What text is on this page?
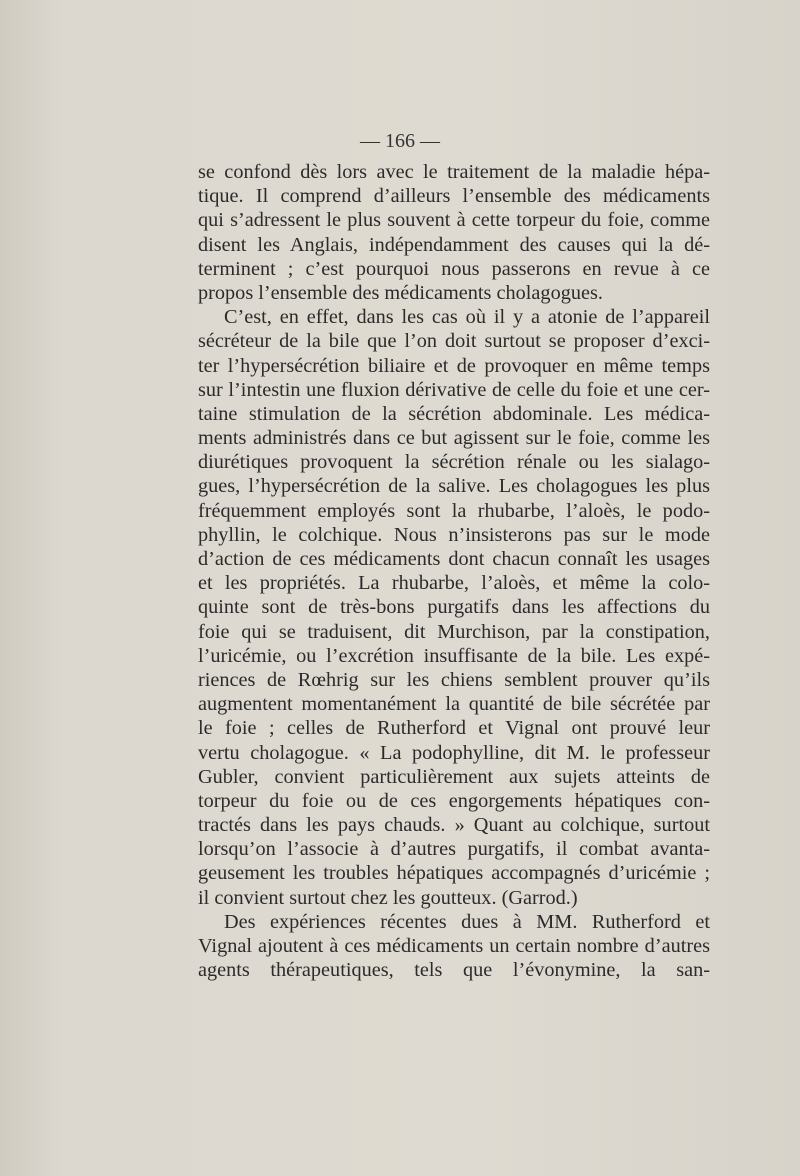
— 166 —
se confond dès lors avec le traitement de la maladie hépa-
tique. Il comprend d’ailleurs l’ensemble des médicaments
qui s’adressent le plus souvent à cette torpeur du foie, comme
disent les Anglais, indépendamment des causes qui la dé-
terminent ; c’est pourquoi nous passerons en revue à ce
propos l’ensemble des médicaments cholagogues.
C’est, en effet, dans les cas où il y a atonie de l’appareil
sécréteur de la bile que l’on doit surtout se proposer d’exci-
ter l’hypersécrétion biliaire et de provoquer en même temps
sur l’intestin une fluxion dérivative de celle du foie et une cer-
taine stimulation de la sécrétion abdominale. Les médica-
ments administrés dans ce but agissent sur le foie, comme les
diurétiques provoquent la sécrétion rénale ou les sialago-
gues, l’hypersécrétion de la salive. Les cholagogues les plus
fréquemment employés sont la rhubarbe, l’aloès, le podo-
phyllin, le colchique. Nous n’insisterons pas sur le mode
d’action de ces médicaments dont chacun connaît les usages
et les propriétés. La rhubarbe, l’aloès, et même la colo-
quinte sont de très-bons purgatifs dans les affections du
foie qui se traduisent, dit Murchison, par la constipation,
l’uricémie, ou l’excrétion insuffisante de la bile. Les expé-
riences de Rœhrig sur les chiens semblent prouver qu’ils
augmentent momentanément la quantité de bile sécrétée par
le foie ; celles de Rutherford et Vignal ont prouvé leur
vertu cholagogue. « La podophylline, dit M. le professeur
Gubler, convient particulièrement aux sujets atteints de
torpeur du foie ou de ces engorgements hépatiques con-
tractés dans les pays chauds. » Quant au colchique, surtout
lorsqu’on l’associe à d’autres purgatifs, il combat avanta-
geusement les troubles hépatiques accompagnés d’uricémie ;
il convient surtout chez les goutteux. (Garrod.)
Des expériences récentes dues à MM. Rutherford et
Vignal ajoutent à ces médicaments un certain nombre d’autres
agents thérapeutiques, tels que l’évonymine, la san-
